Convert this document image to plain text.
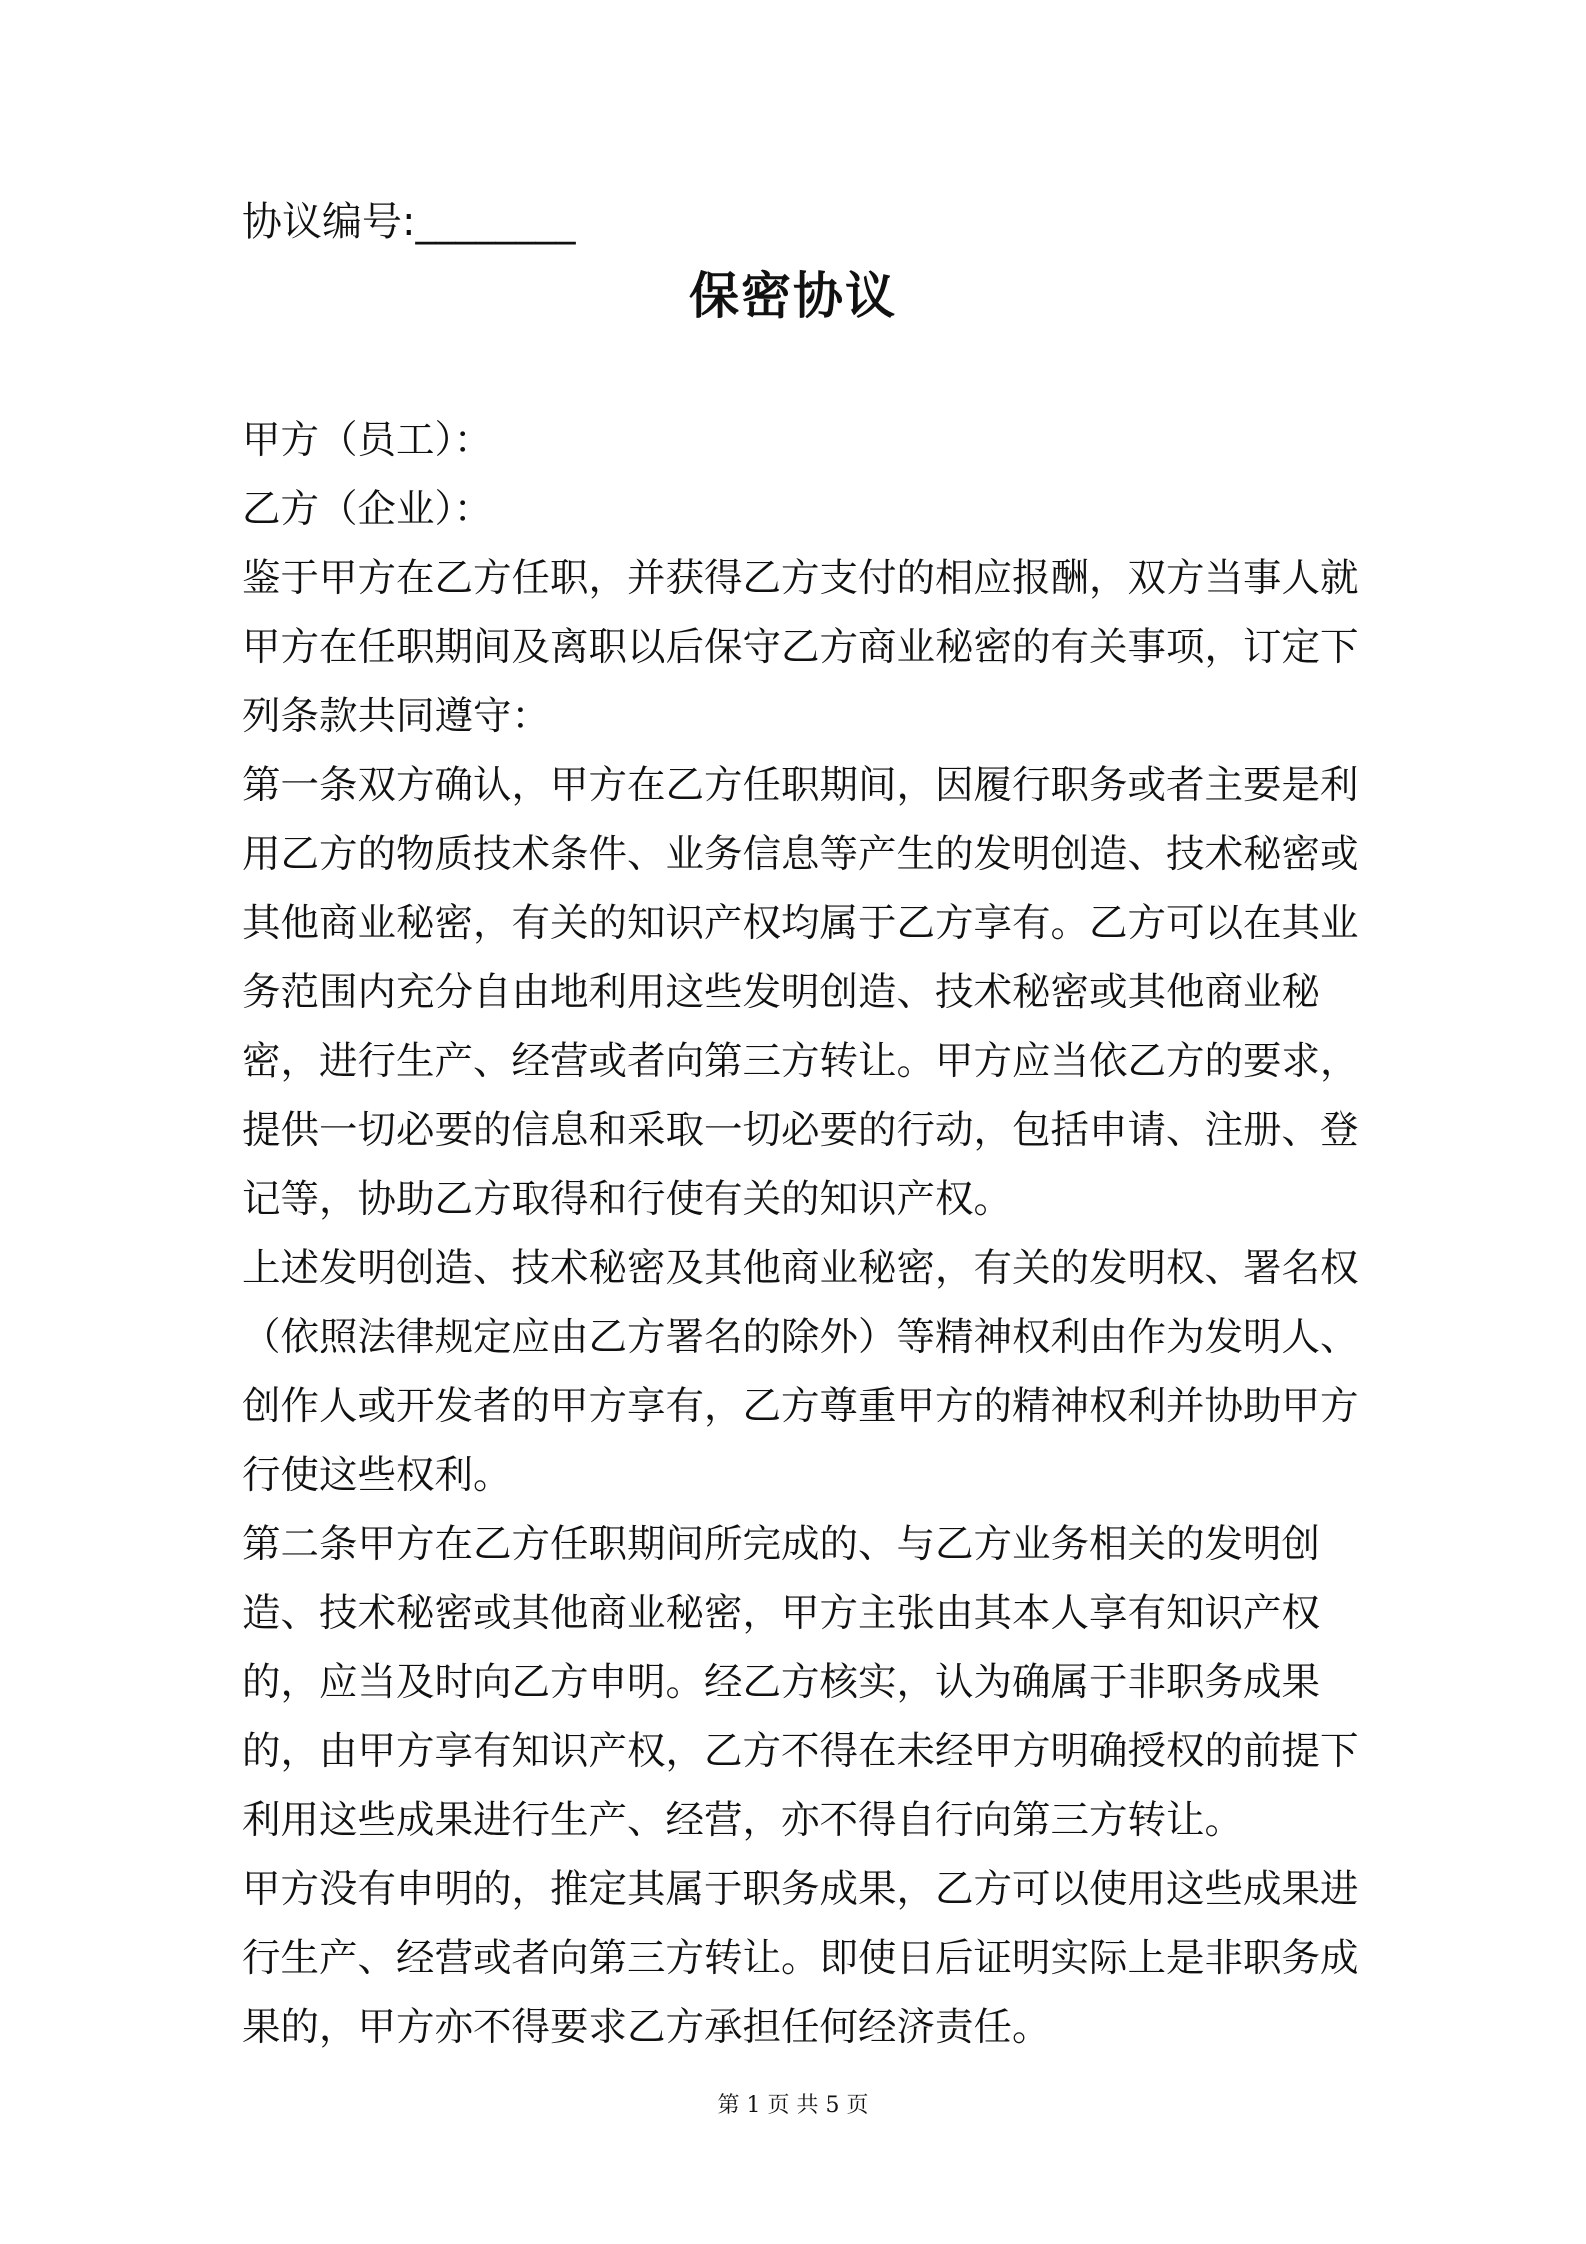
协议编号:________
保密协议
甲方（员工）：
乙方（企业）：
鉴于甲方在乙方任职，并获得乙方支付的相应报酬，双方当事人就
甲方在任职期间及离职以后保守乙方商业秘密的有关事项，订定下
列条款共同遵守：
第一条双方确认，甲方在乙方任职期间，因履行职务或者主要是利
用乙方的物质技术条件、业务信息等产生的发明创造、技术秘密或
其他商业秘密，有关的知识产权均属于乙方享有。乙方可以在其业
务范围内充分自由地利用这些发明创造、技术秘密或其他商业秘
密，进行生产、经营或者向第三方转让。甲方应当依乙方的要求，
提供一切必要的信息和采取一切必要的行动，包括申请、注册、登
记等，协助乙方取得和行使有关的知识产权。
上述发明创造、技术秘密及其他商业秘密，有关的发明权、署名权
（依照法律规定应由乙方署名的除外）等精神权利由作为发明人、
创作人或开发者的甲方享有，乙方尊重甲方的精神权利并协助甲方
行使这些权利。
第二条甲方在乙方任职期间所完成的、与乙方业务相关的发明创
造、技术秘密或其他商业秘密，甲方主张由其本人享有知识产权
的，应当及时向乙方申明。经乙方核实，认为确属于非职务成果
的，由甲方享有知识产权，乙方不得在未经甲方明确授权的前提下
利用这些成果进行生产、经营，亦不得自行向第三方转让。
甲方没有申明的，推定其属于职务成果，乙方可以使用这些成果进
行生产、经营或者向第三方转让。即使日后证明实际上是非职务成
果的，甲方亦不得要求乙方承担任何经济责任。
第 1 页 共 5 页
